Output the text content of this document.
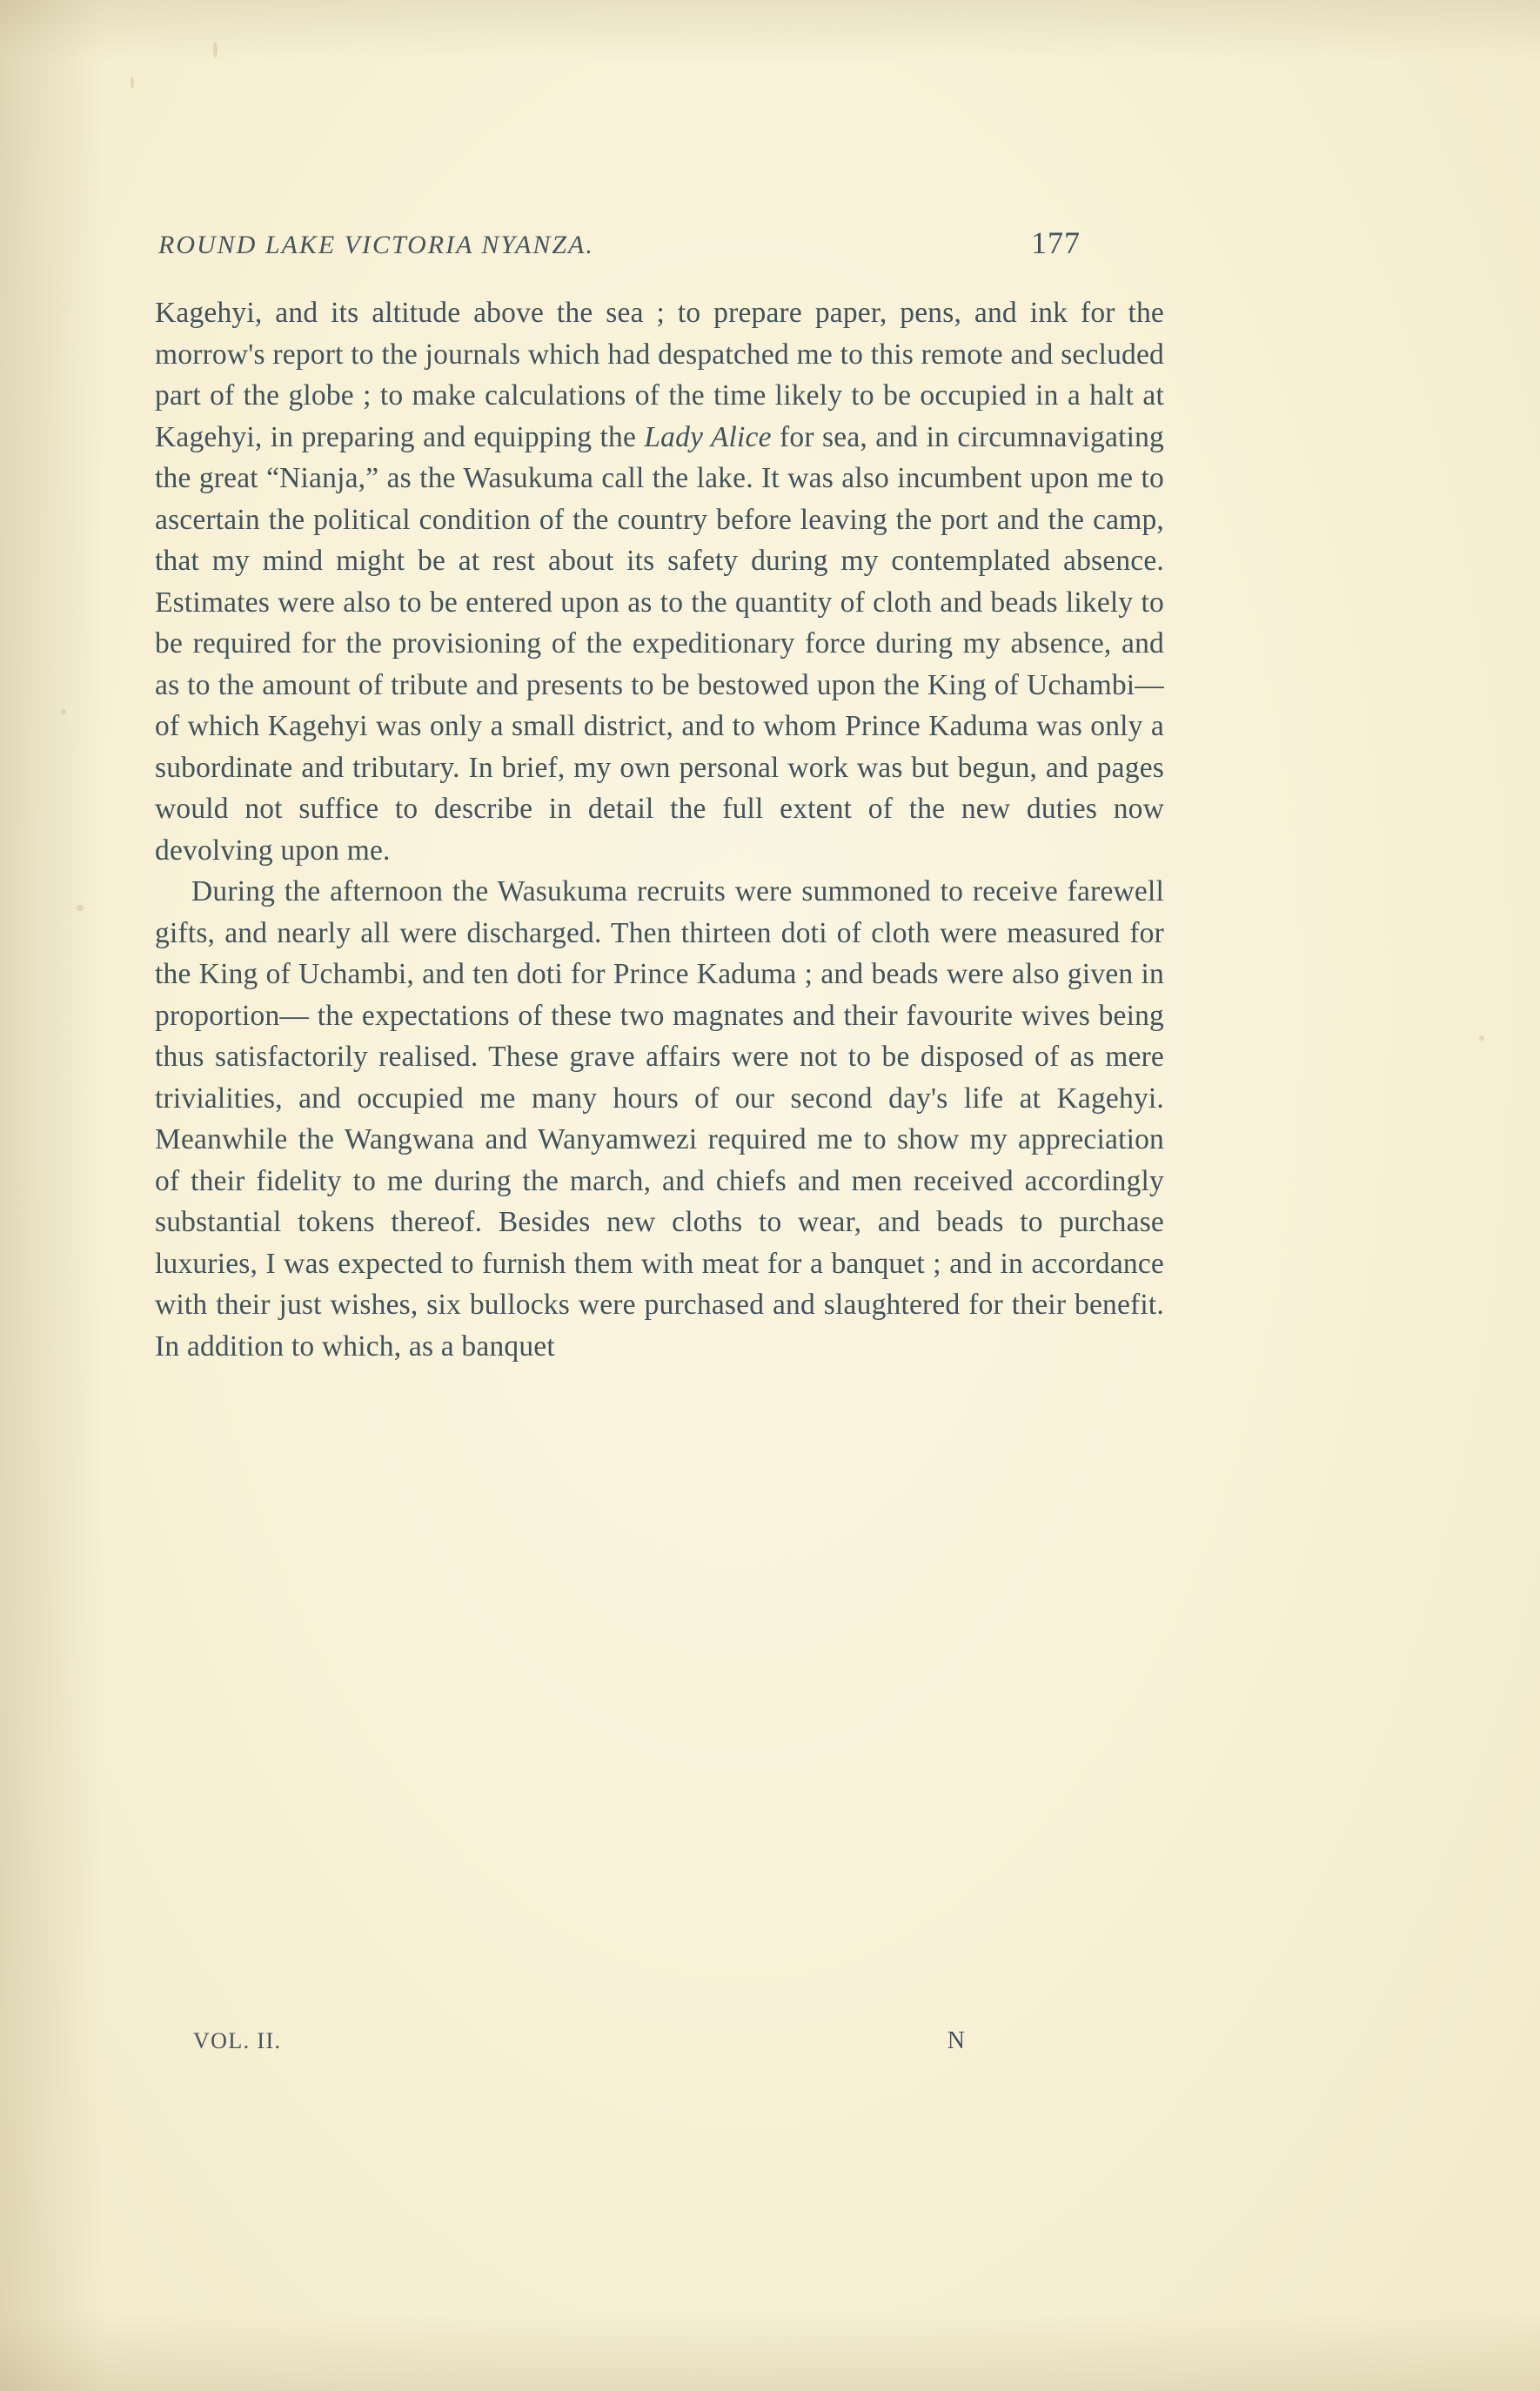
ROUND LAKE VICTORIA NYANZA.	177

Kagehyi, and its altitude above the sea ; to prepare paper, pens, and ink for the morrow's report to the journals which had despatched me to this remote and secluded part of the globe ; to make calculations of the time likely to be occupied in a halt at Kagehyi, in preparing and equipping the Lady Alice for sea, and in circumnavigating the great “Nianja,” as the Wasukuma call the lake. It was also incumbent upon me to ascertain the political condition of the country before leaving the port and the camp, that my mind might be at rest about its safety during my contemplated absence. Estimates were also to be entered upon as to the quantity of cloth and beads likely to be required for the provisioning of the expeditionary force during my absence, and as to the amount of tribute and presents to be bestowed upon the King of Uchambi—of which Kagehyi was only a small district, and to whom Prince Kaduma was only a subordinate and tributary. In brief, my own personal work was but begun, and pages would not suffice to describe in detail the full extent of the new duties now devolving upon me.

During the afternoon the Wasukuma recruits were summoned to receive farewell gifts, and nearly all were discharged. Then thirteen doti of cloth were measured for the King of Uchambi, and ten doti for Prince Kaduma ; and beads were also given in proportion— the expectations of these two magnates and their favourite wives being thus satisfactorily realised. These grave affairs were not to be disposed of as mere trivialities, and occupied me many hours of our second day's life at Kagehyi. Meanwhile the Wangwana and Wanyamwezi required me to show my appreciation of their fidelity to me during the march, and chiefs and men received accordingly substantial tokens thereof. Besides new cloths to wear, and beads to purchase luxuries, I was expected to furnish them with meat for a banquet ; and in accordance with their just wishes, six bullocks were purchased and slaughtered for their benefit. In addition to which, as a banquet

VOL. II.	N
